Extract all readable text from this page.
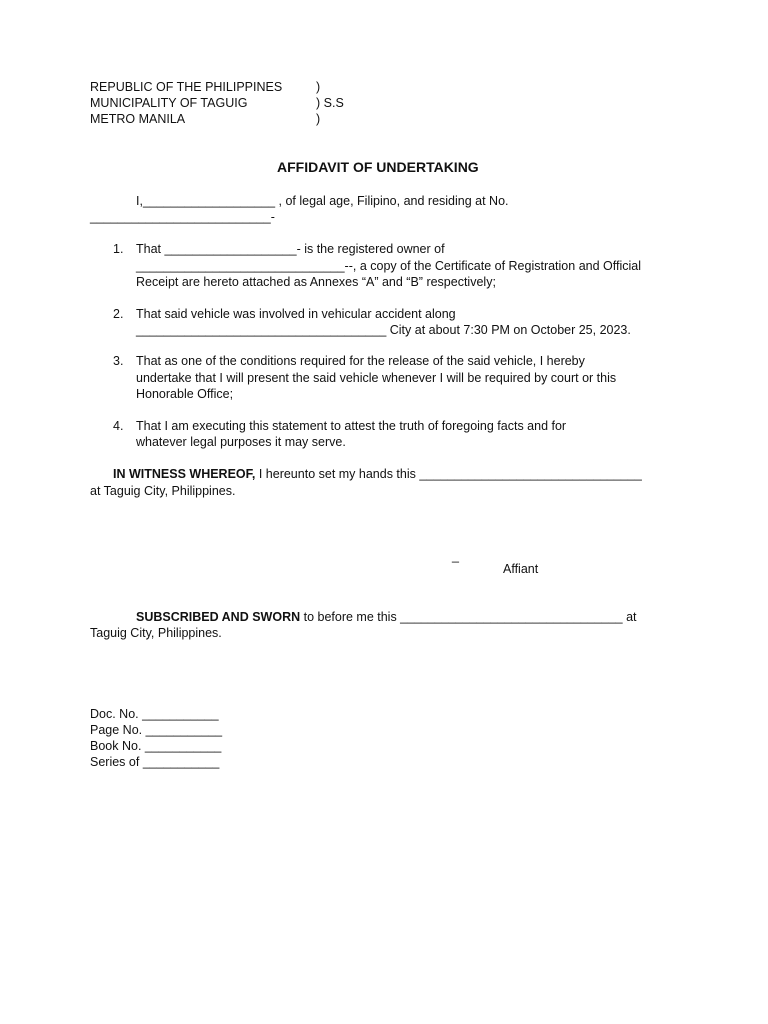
REPUBLIC OF THE PHILIPPINES	)
MUNICIPALITY OF TAGUIG	) S.S
METRO MANILA	)
AFFIDAVIT OF UNDERTAKING
I,___________________ , of legal age, Filipino, and residing at No.
__________________________-
1. That ___________________- is the registered owner of
______________________________--, a copy of the Certificate of Registration and Official
Receipt are hereto attached as Annexes “A” and “B” respectively;
2. That said vehicle was involved in vehicular accident along
____________________________________ City at about 7:30 PM on October 25, 2023.
3. That as one of the conditions required for the release of the said vehicle, I hereby
undertake that I will present the said vehicle whenever I will be required by court or this
Honorable Office;
4. That I am executing this statement to attest the truth of foregoing facts and for
whatever legal purposes it may serve.
IN WITNESS WHEREOF, I hereunto set my hands this ________________________________
at Taguig City, Philippines.
_
Affiant
SUBSCRIBED AND SWORN to before me this ________________________________ at
Taguig City, Philippines.
Doc. No. ___________
Page No. ___________
Book No. ___________
Series of ___________
